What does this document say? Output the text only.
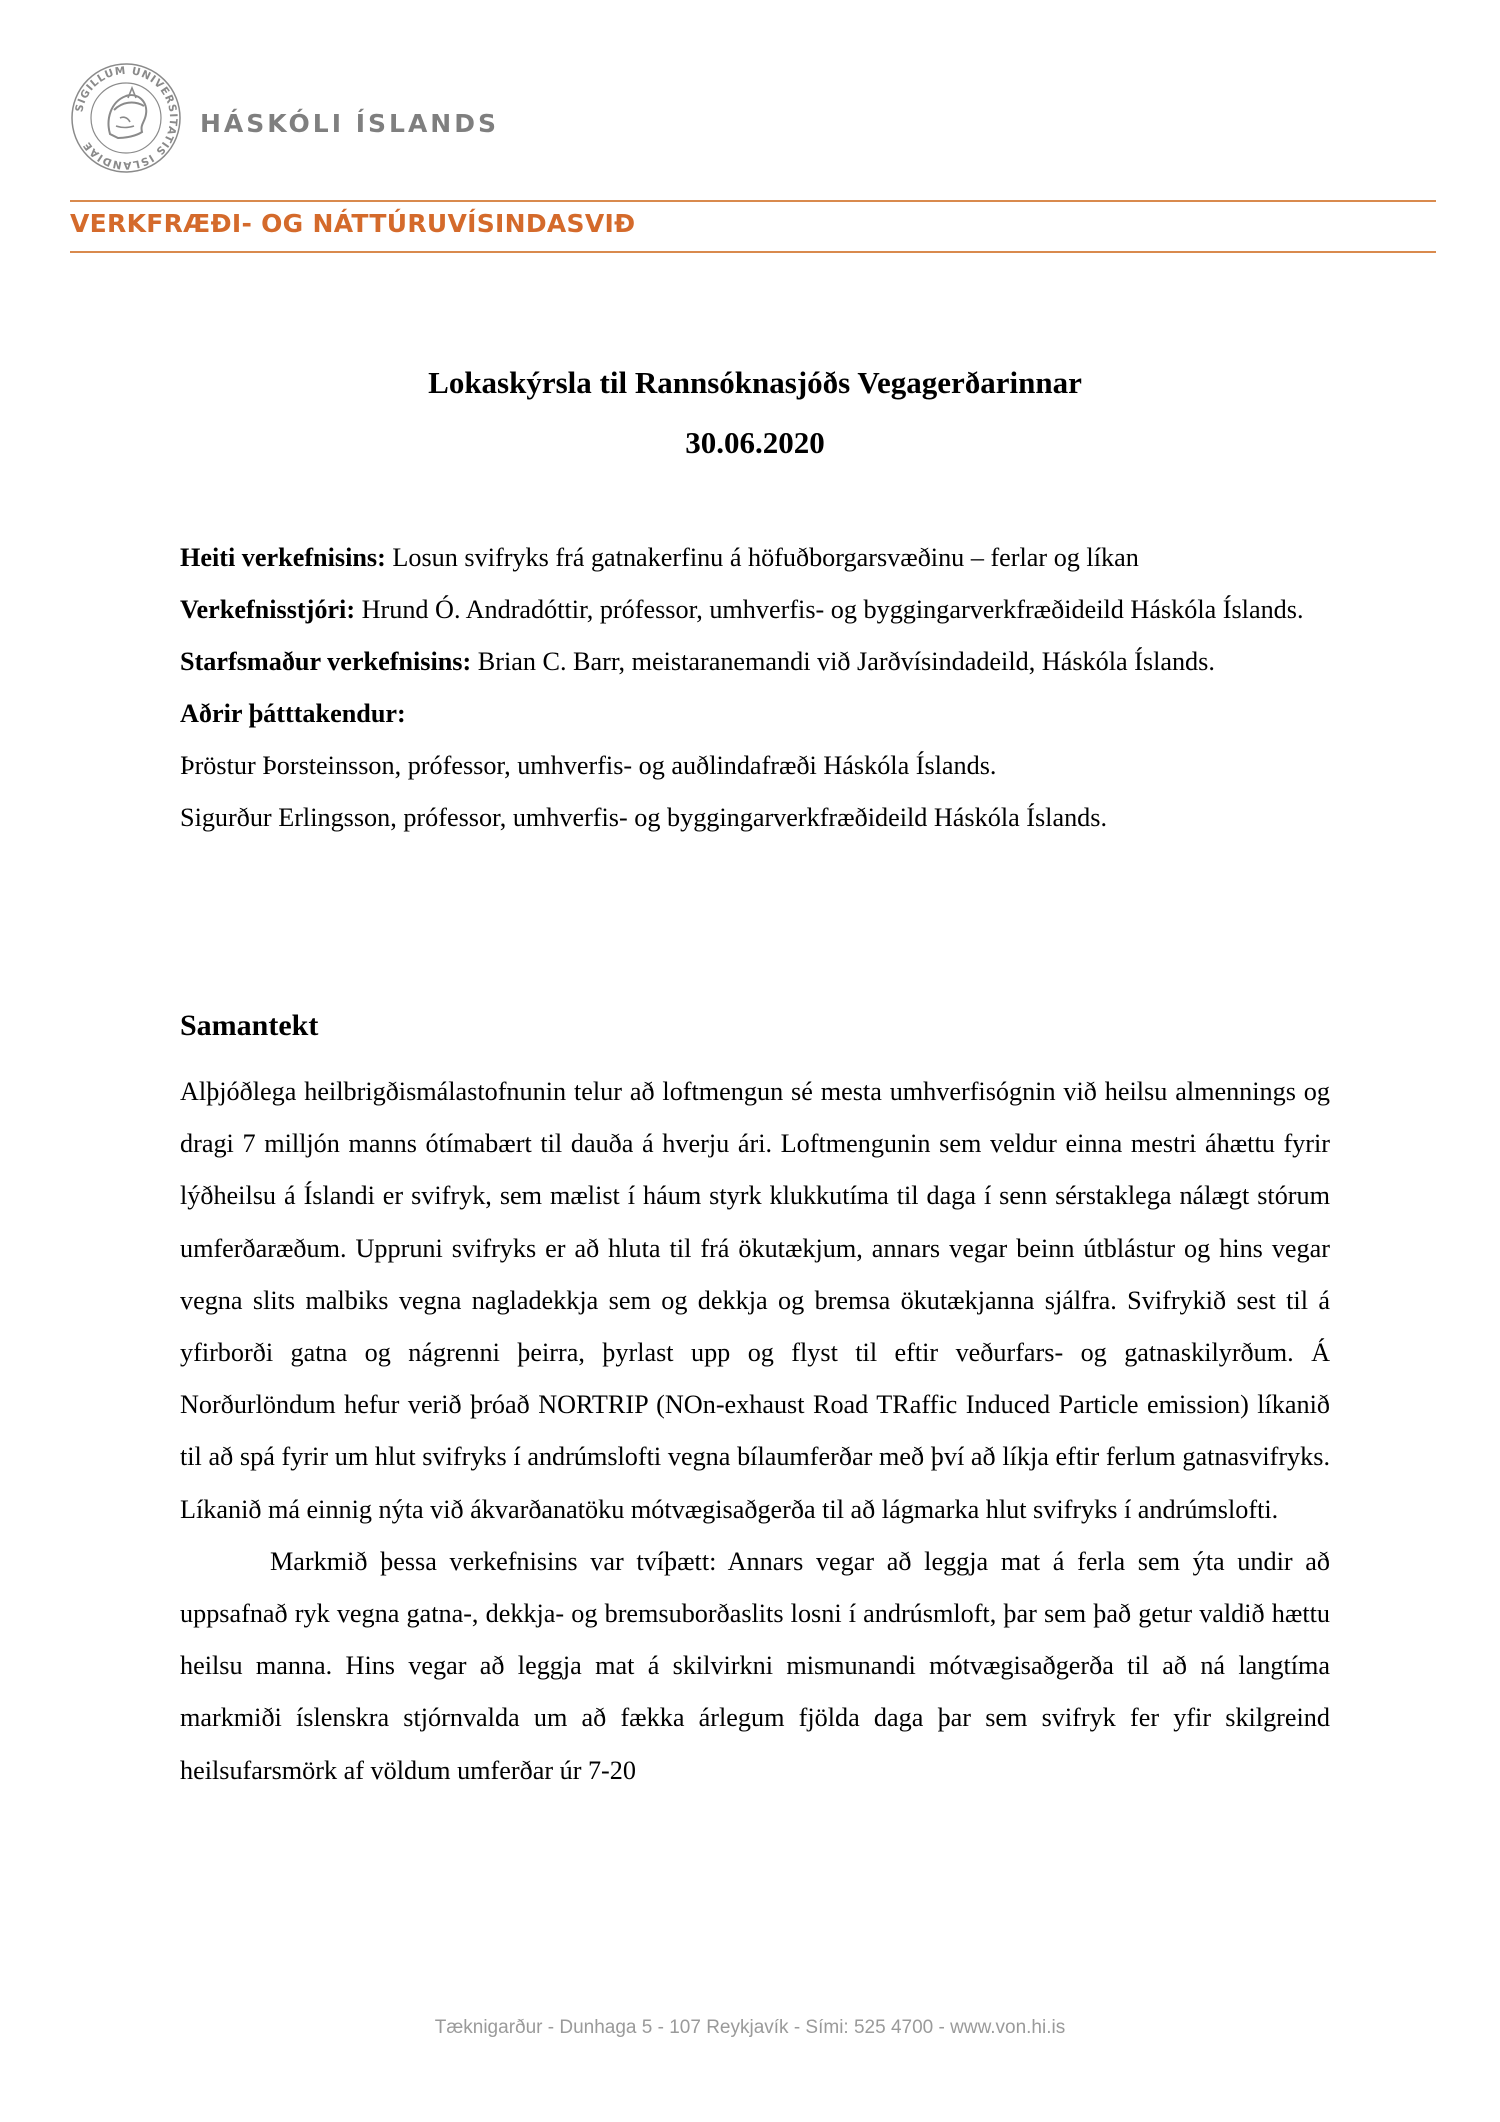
SIGILLUM UNIVERSITATIS ISLANDIAE
HÁSKÓLI ÍSLANDS
VERKFRÆÐI- OG NÁTTÚRUVÍSINDASVIÐ
Lokaskýrsla til Rannsóknasjóðs Vegagerðarinnar
30.06.2020

Heiti verkefnisins: Losun svifryks frá gatnakerfinu á höfuðborgarsvæðinu – ferlar og líkan

Verkefnisstjóri: Hrund Ó. Andradóttir, prófessor, umhverfis- og byggingarverkfræðideild Háskóla Íslands.

Starfsmaður verkefnisins: Brian C. Barr, meistaranemandi við Jarðvísindadeild, Háskóla Íslands.

Aðrir þátttakendur:

Þröstur Þorsteinsson, prófessor, umhverfis- og auðlindafræði Háskóla Íslands.

Sigurður Erlingsson, prófessor, umhverfis- og byggingarverkfræðideild Háskóla Íslands.

Samantekt

Alþjóðlega heilbrigðismálastofnunin telur að loftmengun sé mesta umhverfisógnin við heilsu almennings og dragi 7 milljón manns ótímabært til dauða á hverju ári. Loftmengunin sem veldur einna mestri áhættu fyrir lýðheilsu á Íslandi er svifryk, sem mælist í háum styrk klukkutíma til daga í senn sérstaklega nálægt stórum umferðaræðum. Uppruni svifryks er að hluta til frá ökutækjum, annars vegar beinn útblástur og hins vegar vegna slits malbiks vegna nagladekkja sem og dekkja og bremsa ökutækjanna sjálfra. Svifrykið sest til á yfirborði gatna og nágrenni þeirra, þyrlast upp og flyst til eftir veðurfars- og gatnaskilyrðum. Á Norðurlöndum hefur verið þróað NORTRIP (NOn-exhaust Road TRaffic Induced Particle emission) líkanið til að spá fyrir um hlut svifryks í andrúmslofti vegna bílaumferðar með því að líkja eftir ferlum gatnasvifryks. Líkanið má einnig nýta við ákvarðanatöku mótvægisaðgerða til að lágmarka hlut svifryks í andrúmslofti.

Markmið þessa verkefnisins var tvíþætt: Annars vegar að leggja mat á ferla sem ýta undir að uppsafnað ryk vegna gatna-, dekkja- og bremsuborðaslits losni í andrúsmloft, þar sem það getur valdið hættu heilsu manna. Hins vegar að leggja mat á skilvirkni mismunandi mótvægisaðgerða til að ná langtíma markmiði íslenskra stjórnvalda um að fækka árlegum fjölda daga þar sem svifryk fer yfir skilgreind heilsufarsmörk af völdum umferðar úr 7-20

Tæknigarður - Dunhaga 5 - 107 Reykjavík - Sími: 525 4700 - www.von.hi.is
